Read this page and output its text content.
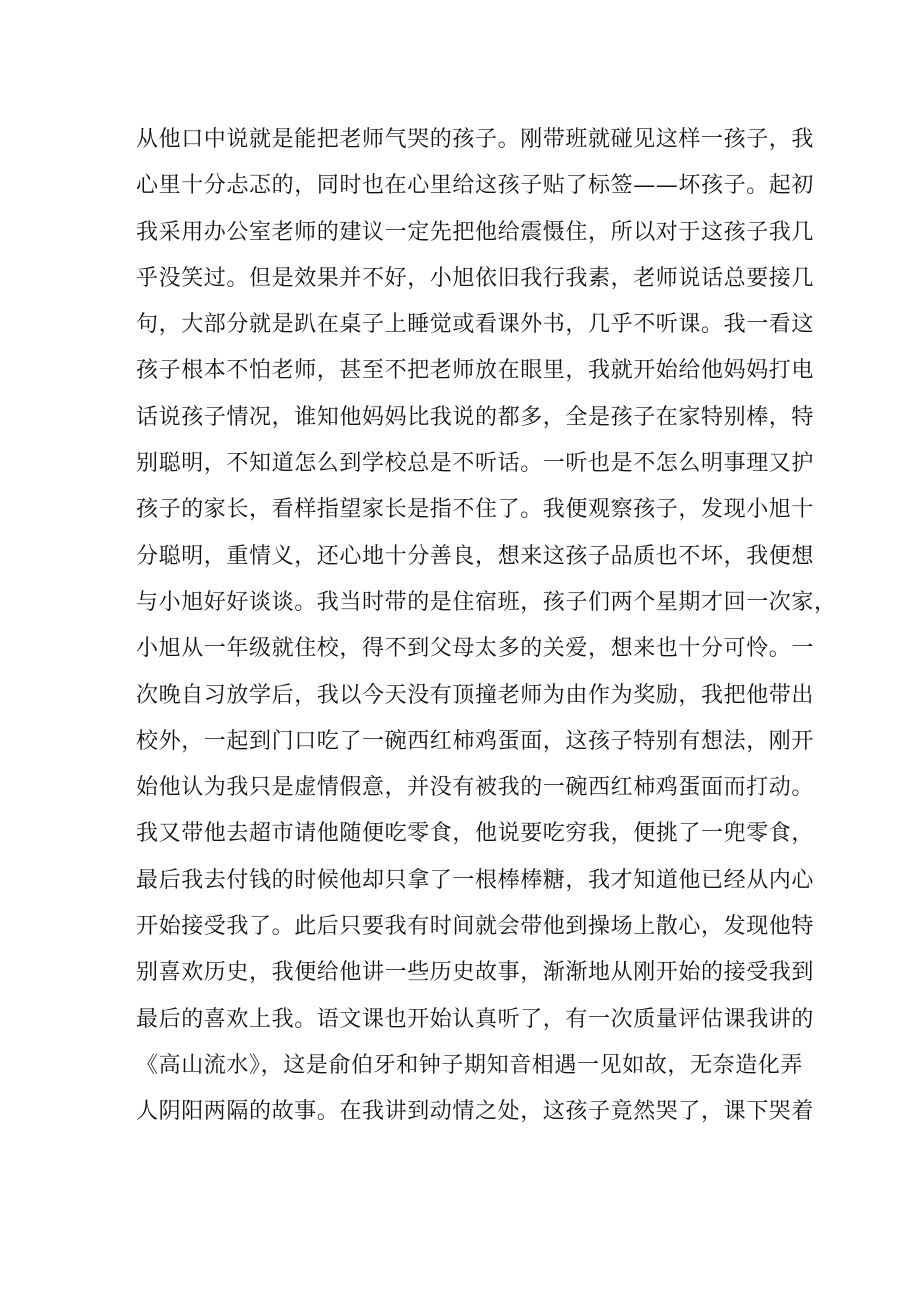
从他口中说就是能把老师气哭的孩子。刚带班就碰见这样一孩子，我
心里十分忐忑的，同时也在心里给这孩子贴了标签——坏孩子。起初
我采用办公室老师的建议一定先把他给震慑住，所以对于这孩子我几
乎没笑过。但是效果并不好，小旭依旧我行我素，老师说话总要接几
句，大部分就是趴在桌子上睡觉或看课外书，几乎不听课。我一看这
孩子根本不怕老师，甚至不把老师放在眼里，我就开始给他妈妈打电
话说孩子情况，谁知他妈妈比我说的都多，全是孩子在家特别棒，特
别聪明，不知道怎么到学校总是不听话。一听也是不怎么明事理又护
孩子的家长，看样指望家长是指不住了。我便观察孩子，发现小旭十
分聪明，重情义，还心地十分善良，想来这孩子品质也不坏，我便想
与小旭好好谈谈。我当时带的是住宿班，孩子们两个星期才回一次家，
小旭从一年级就住校，得不到父母太多的关爱，想来也十分可怜。一
次晚自习放学后，我以今天没有顶撞老师为由作为奖励，我把他带出
校外，一起到门口吃了一碗西红柿鸡蛋面，这孩子特别有想法，刚开
始他认为我只是虚情假意，并没有被我的一碗西红柿鸡蛋面而打动。
我又带他去超市请他随便吃零食，他说要吃穷我，便挑了一兜零食，
最后我去付钱的时候他却只拿了一根棒棒糖，我才知道他已经从内心
开始接受我了。此后只要我有时间就会带他到操场上散心，发现他特
别喜欢历史，我便给他讲一些历史故事，渐渐地从刚开始的接受我到
最后的喜欢上我。语文课也开始认真听了，有一次质量评估课我讲的
《高山流水》，这是俞伯牙和钟子期知音相遇一见如故，无奈造化弄
人阴阳两隔的故事。在我讲到动情之处，这孩子竟然哭了，课下哭着
